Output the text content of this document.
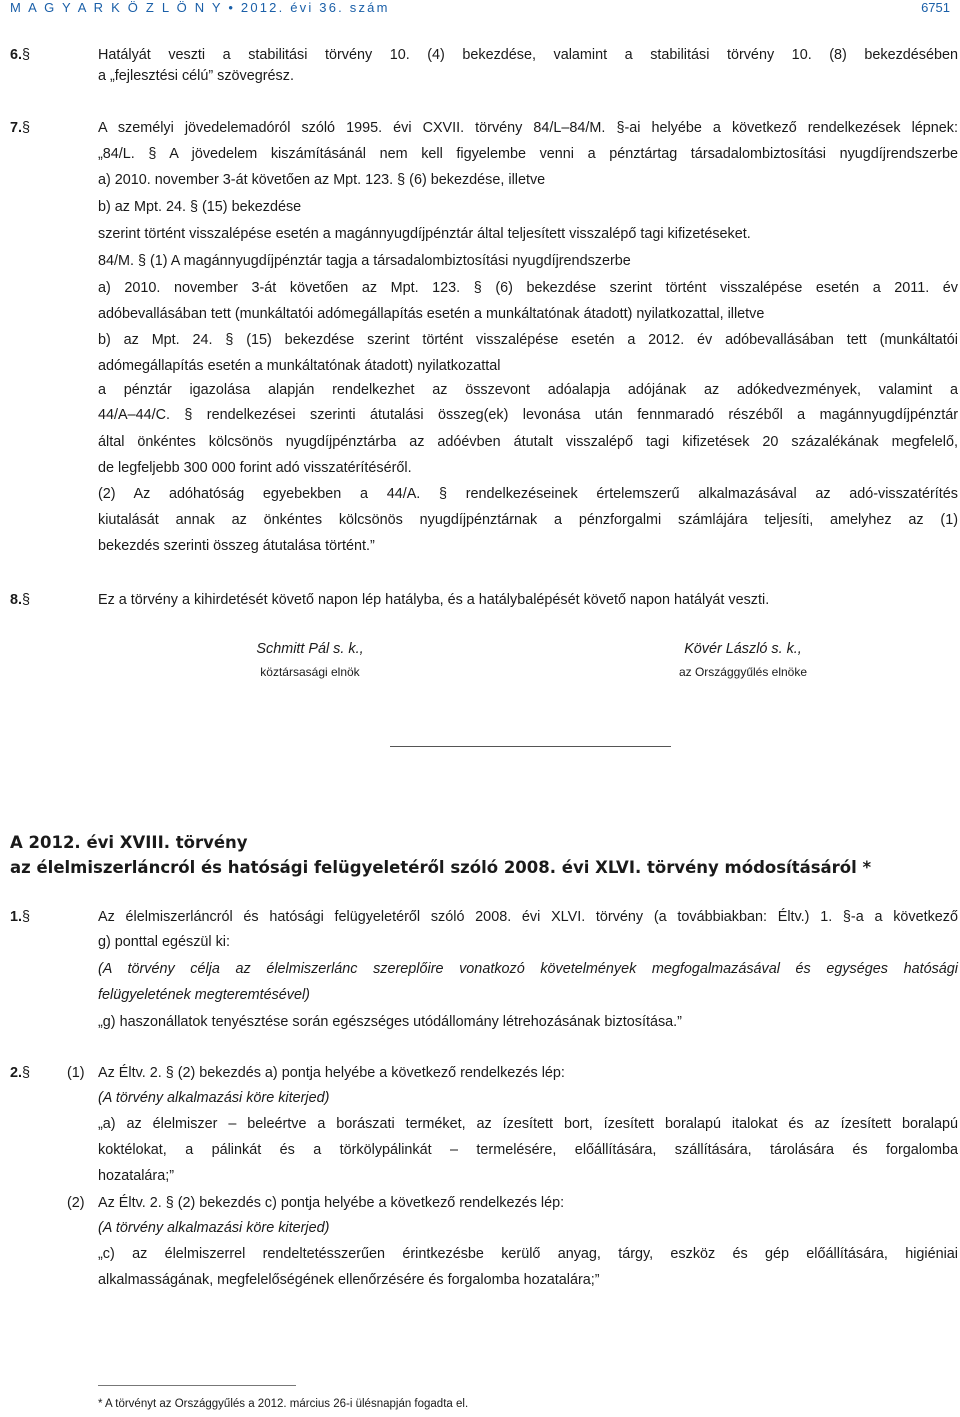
M A G Y A R K Ö Z L Ö N Y • 2012. évi 36. szám	6751
6. §	Hatályát veszti a stabilitási törvény 10. (4) bekezdése, valamint a stabilitási törvény 10. (8) bekezdésében
a „fejlesztési célú” szövegrész.
7. §	A személyi jövedelemadóról szóló 1995. évi CXVII. törvény 84/L–84/M. §-ai helyébe a következő rendelkezések lépnek:
„84/L. § A jövedelem kiszámításánál nem kell figyelembe venni a pénztártag társadalombiztosítási nyugdíjrendszerbe
a) 2010. november 3-át követően az Mpt. 123. § (6) bekezdése, illetve
b) az Mpt. 24. § (15) bekezdése
szerint történt visszalépése esetén a magánnyugdíjpénztár által teljesített visszalépő tagi kifizetéseket.
84/M. § (1) A magánnyugdíjpénztár tagja a társadalombiztosítási nyugdíjrendszerbe
a) 2010. november 3-át követően az Mpt. 123. § (6) bekezdése szerint történt visszalépése esetén a 2011. év
adóbevallásában tett (munkáltatói adómegállapítás esetén a munkáltatónak átadott) nyilatkozattal, illetve
b) az Mpt. 24. § (15) bekezdése szerint történt visszalépése esetén a 2012. év adóbevallásában tett (munkáltatói
adómegállapítás esetén a munkáltatónak átadott) nyilatkozattal
a pénztár igazolása alapján rendelkezhet az összevont adóalapja adójának az adókedvezmények, valamint a
44/A–44/C. § rendelkezései szerinti átutalási összeg(ek) levonása után fennmaradó részéből a magánnyugdíjpénztár
által önkéntes kölcsönös nyugdíjpénztárba az adóévben átutalt visszalépő tagi kifizetések 20 százalékának megfelelő,
de legfeljebb 300 000 forint adó visszatérítéséről.
(2) Az adóhatóság egyebekben a 44/A. § rendelkezéseinek értelemszerű alkalmazásával az adó-visszatérítés
kiutalását annak az önkéntes kölcsönös nyugdíjpénztárnak a pénzforgalmi számlájára teljesíti, amelyhez az (1)
bekezdés szerinti összeg átutalása történt.”
8. §	Ez a törvény a kihirdetését követő napon lép hatályba, és a hatálybalépését követő napon hatályát veszti.
Schmitt Pál s. k.,
köztársasági elnök
Kövér László s. k.,
az Országgyűlés elnöke
A 2012. évi XVIII. törvény
az élelmiszerláncról és hatósági felügyeletéről szóló 2008. évi XLVI. törvény módosításáról *
1. §	Az élelmiszerláncról és hatósági felügyeletéről szóló 2008. évi XLVI. törvény (a továbbiakban: Éltv.) 1. §-a a következő
g) ponttal egészül ki:
(A törvény célja az élelmiszerlánc szereplőire vonatkozó követelmények megfogalmazásával és egységes hatósági
felügyeletének megteremtésével)
„g) haszonállatok tenyésztése során egészséges utódállomány létrehozásának biztosítása.”
2. §	(1) Az Éltv. 2. § (2) bekezdés a) pontja helyébe a következő rendelkezés lép:
(A törvény alkalmazási köre kiterjed)
„a) az élelmiszer – beleértve a borászati terméket, az ízesített bort, ízesített boralapú italokat és az ízesített boralapú
koktélokat, a pálinkát és a törkölypálinkát – termelésére, előállítására, szállítására, tárolására és forgalomba
hozatalára;”
(2) Az Éltv. 2. § (2) bekezdés c) pontja helyébe a következő rendelkezés lép:
(A törvény alkalmazási köre kiterjed)
„c) az élelmiszerrel rendeltetésszerűen érintkezésbe kerülő anyag, tárgy, eszköz és gép előállítására, higiéniai
alkalmasságának, megfelelőségének ellenőrzésére és forgalomba hozatalára;”
* A törvényt az Országgyűlés a 2012. március 26-i ülésnapján fogadta el.
